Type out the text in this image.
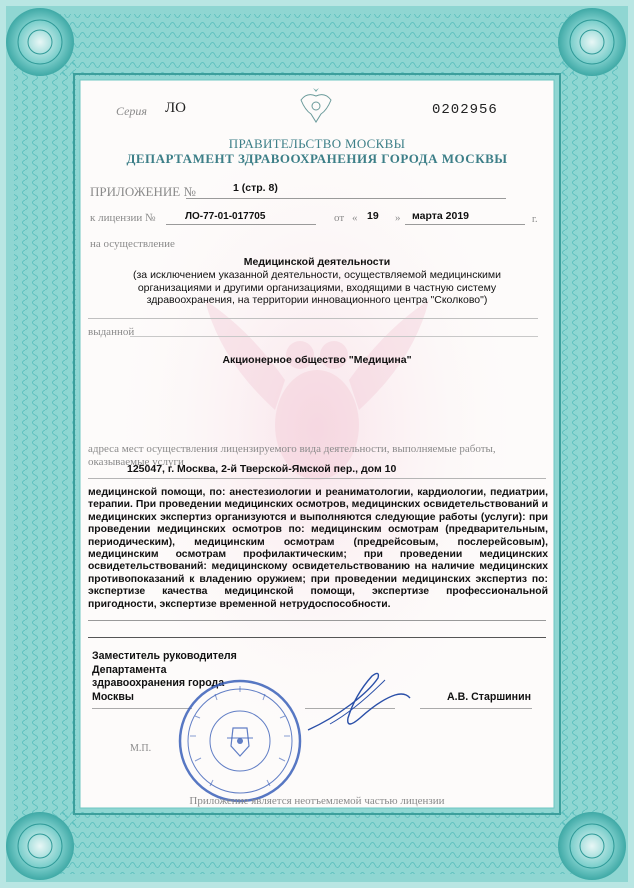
Серия ЛО	0202956
ПРАВИТЕЛЬСТВО МОСКВЫ
ДЕПАРТАМЕНТ ЗДРАВООХРАНЕНИЯ ГОРОДА МОСКВЫ
ПРИЛОЖЕНИЕ №	1 (стр. 8)
к лицензии №	ЛО-77-01-017705	от « 19 » марта 2019	г.
на осуществление
Медицинской деятельности
(за исключением указанной деятельности, осуществляемой медицинскими организациями и другими организациями, входящими в частную систему здравоохранения, на территории инновационного центра "Сколково")
выданной
Акционерное общество "Медицина"
адреса мест осуществления лицензируемого вида деятельности, выполняемые работы, оказываемые услуги
125047, г. Москва, 2-й Тверской-Ямской пер., дом 10
медицинской помощи, по: анестезиологии и реаниматологии, кардиологии, педиатрии, терапии. При проведении медицинских осмотров, медицинских освидетельствований и медицинских экспертиз организуются и выполняются следующие работы (услуги): при проведении медицинских осмотров по: медицинским осмотрам (предварительным, периодическим), медицинским осмотрам (предрейсовым, послерейсовым), медицинским осмотрам профилактическим; при проведении медицинских освидетельствований: медицинскому освидетельствованию на наличие медицинских противопоказаний к владению оружием; при проведении медицинских экспертиз по: экспертизе качества медицинской помощи, экспертизе профессиональной пригодности, экспертизе временной нетрудоспособности.
Заместитель руководителя
Департамента
здравоохранения города
Москвы	А.В. Старшинин
М.П.
Приложение является неотъемлемой частью лицензии
